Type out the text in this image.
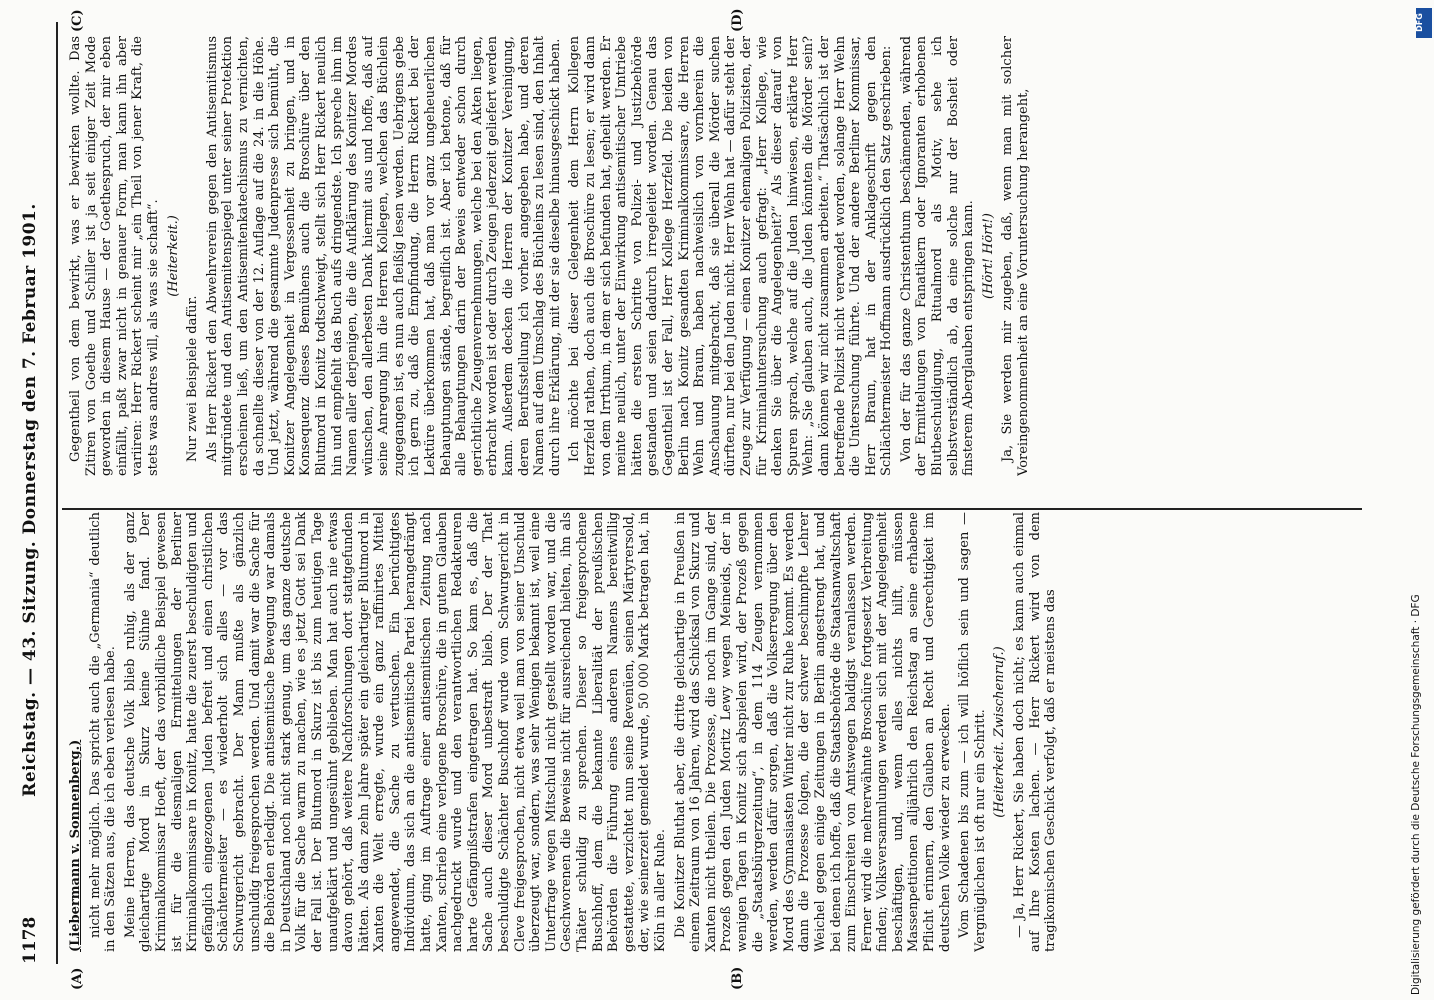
1178
Reichstag. — 43. Sitzung. Donnerstag den 7. Februar 1901.
(A)	(B)
(C)	(D)

(Liebermann v. Sonnenberg.) nicht mehr möglich. Das spricht auch die „Germania“ deutlich in den Sätzen aus, die ich eben verlesen habe. Meine Herren, das deutsche Volk blieb ruhig, als der ganz gleichartige Mord in Skurz keine Sühne fand. Der Kriminalkommissar Hoeft, der das vorbildliche Beispiel gewesen ist für die diesmaligen Ermittelungen der Berliner Kriminalkommissare in Konitz, hatte die zuerst beschuldigten und gefänglich eingezogenen Juden befreit und einen christlichen Schächtermeister — es wiederholt sich alles — vor das Schwurgericht gebracht. Der Mann mußte als gänzlich unschuldig freigesprochen werden. Und damit war die Sache für die Behörden erledigt. Die antisemitische Bewegung war damals in Deutschland noch nicht stark genug, um das ganze deutsche Volk für die Sache warm zu machen, wie es jetzt Gott sei Dank der Fall ist. Der Blutmord in Skurz ist bis zum heutigen Tage unaufgeklärt und ungesühnt geblieben. Man hat auch nie etwas davon gehört, daß weitere Nachforschungen dort stattgefunden hätten. Als dann zehn Jahre später ein gleichartiger Blutmord in Xanten die Welt erregte, wurde ein ganz raffinirtes Mittel angewendet, die Sache zu vertuschen. Ein berüchtigtes Individuum, das sich an die antisemitische Partei herangedrängt hatte, ging im Auftrage einer antisemitischen Zeitung nach Xanten, schrieb eine verlogene Broschüre, die in gutem Glauben nachgedruckt wurde und den verantwortlichen Redakteuren harte Gefängnißstrafen eingetragen hat. So kam es, daß die Sache auch dieser Mord unbestraft blieb. Der der That beschuldigte Schächter Buschhoff wurde vom Schwurgericht in Cleve freigesprochen, nicht etwa weil man von seiner Unschuld überzeugt war, sondern, was sehr Wenigen bekannt ist, weil eine Unterfrage wegen Mitschuld nicht gestellt worden war, und die Geschworenen die Beweise nicht für ausreichend hielten, ihn als Thäter schuldig zu sprechen. Dieser so freigesprochene Buschhoff, dem die bekannte Liberalität der preußischen Behörden die Führung eines anderen Namens bereitwillig gestattete, verzichtet nun seine Revenüen, seinen Märtyrersold, der, wie seinerzeit gemeldet wurde, 50 000 Mark betragen hat, in Köln in aller Ruhe. Die Konitzer Bluthat aber, die dritte gleichartige in Preußen in einem Zeitraum von 16 Jahren, wird das Schicksal von Skurz und Xanten nicht theilen. Die Prozesse, die noch im Gange sind, der Prozeß gegen den Juden Moritz Lewy wegen Meineids, der in wenigen Tagen in Konitz sich abspielen wird, der Prozeß gegen die „Staatsbürgerzeitung“, in dem 114 Zeugen vernommen werden, werden dafür sorgen, daß die Volkserregung über den Mord des Gymnasiasten Winter nicht zur Ruhe kommt. Es werden dann die Prozesse folgen, die der schwer beschimpfte Lehrer Weichel gegen einige Zeitungen in Berlin angestrengt hat, und bei denen ich hoffe, daß die Staatsbehörde die Staatsanwaltschaft zum Einschreiten von Amtswegen baldigst veranlassen werden. Ferner wird die mehrerwähnte Broschüre fortgesetzt Verbreitung finden; Volksversammlungen werden sich mit der Angelegenheit beschäftigen, und, wenn alles nichts hilft, müssen Massenpetitionen alljährlich den Reichstag an seine erhabene Pflicht erinnern, den Glauben an Recht und Gerechtigkeit im deutschen Volke wieder zu erwecken. Vom Schadenen bis zum — ich will höflich sein und sagen — Vergnüglichen ist oft nur ein Schritt. (Heiterkeit. Zwischenruf.) — Ja, Herr Rickert, Sie haben doch nicht; es kann auch einmal auf Ihre Kosten lachen. — Herr Rickert wird von dem tragikomischen Geschick verfolgt, daß er meistens das

Gegentheil von dem bewirkt, was er bewirken wollte. Das Zitiren von Goethe und Schiller ist ja seit einiger Zeit Mode geworden in diesem Hause — der Goethespruch, der mir eben einfällt, paßt zwar nicht in genauer Form, man kann ihn aber variiren: Herr Rickert scheint mir „ein Theil von jener Kraft, die stets was andres will, als was sie schafft“. (Heiterkeit.)

Nur zwei Beispiele dafür. Als Herr Rickert den Abwehrverein gegen den Antisemitismus mitgründete und den Antisemitenspiegel unter seiner Protektion erscheinen ließ, um den Antisemitenkatechismus zu vernichten, da schnellte dieser von der 12. Auflage auf die 24. in die Höhe. Und jetzt, während die gesammte Judenpresse sich bemüht, die Konitzer Angelegenheit in Vergessenheit zu bringen, und in Konsequenz dieses Bemühens auch die Broschüre über den Blutmord in Konitz todtschweigt, stellt sich Herr Rickert neulich hin und empfiehlt das Buch aufs dringendste. Ich spreche ihm im Namen aller derjenigen, die die Aufklärung des Konitzer Mordes wünschen, den allerbesten Dank hiermit aus und hoffe, daß auf seine Anregung hin die Herren Kollegen, welchen das Büchlein zugegangen ist, es nun auch fleißig lesen werden. Uebrigens gebe ich gern zu, daß die Empfindung, die Herrn Rickert bei der Lektüre überkommen hat, daß man vor ganz ungeheuerlichen Behauptungen stände, begreiflich ist. Aber ich betone, daß für alle Behauptungen darin der Beweis entweder schon durch gerichtliche Zeugenvernehmungen, welche bei den Akten liegen, erbracht worden ist oder durch Zeugen jederzeit geliefert werden kann. Außerdem decken die Herren der Konitzer Vereinigung, deren Berufsstellung ich vorher angegeben habe, und deren Namen auf dem Umschlag des Büchleins zu lesen sind, den Inhalt durch ihre Erklärung, mit der sie dieselbe hinausgeschickt haben. Ich möchte bei dieser Gelegenheit dem Herrn Kollegen Herzfeld rathen, doch auch die Broschüre zu lesen; er wird dann von dem Irrthum, in dem er sich befunden hat, geheilt werden. Er meinte neulich, unter der Einwirkung antisemitischer Umtriebe hätten die ersten Schritte von Polizei- und Justizbehörde gestanden und seien dadurch irregeleitet worden. Genau das Gegentheil ist der Fall, Herr Kollege Herzfeld. Die beiden von Berlin nach Konitz gesandten Kriminalkommissare, die Herren Wehn und Braun, haben nachweislich von vornherein die Anschauung mitgebracht, daß sie überall die Mörder suchen dürften, nur bei den Juden nicht. Herr Wehn hat — dafür steht der Zeuge zur Verfügung — einen Konitzer ehemaligen Polizisten, der für Kriminaluntersuchung auch gefragt: „Herr Kollege, wie denken Sie über die Angelegenheit?“ Als dieser darauf von Spuren sprach, welche auf die Juden hinwiesen, erklärte Herr Wehn: „Sie glauben auch, die Juden könnten die Mörder sein? dann können wir nicht zusammen arbeiten.“ Thatsächlich ist der betreffende Polizist nicht verwendet worden, solange Herr Wehn die Untersuchung führte. Und der andere Berliner Kommissar, Herr Braun, hat in der Anklageschrift gegen den Schlächtermeister Hoffmann ausdrücklich den Satz geschrieben: Von der für das ganze Christenthum beschämenden, während der Ermittelungen von Fanatikern oder Ignoranten erhobenen Blutbeschuldigung, Ritualmord als Motiv, sehe ich selbstverständlich ab, da eine solche nur der Bosheit oder finsterem Aberglauben entspringen kann. (Hört! Hört!) Ja, Sie werden mir zugeben, daß, wenn man mit solcher Voreingenommenheit an eine Voruntersuchung herangeht,

Digitalisierung gefördert durch die Deutsche Forschungsgemeinschaft · DFG
DFG
